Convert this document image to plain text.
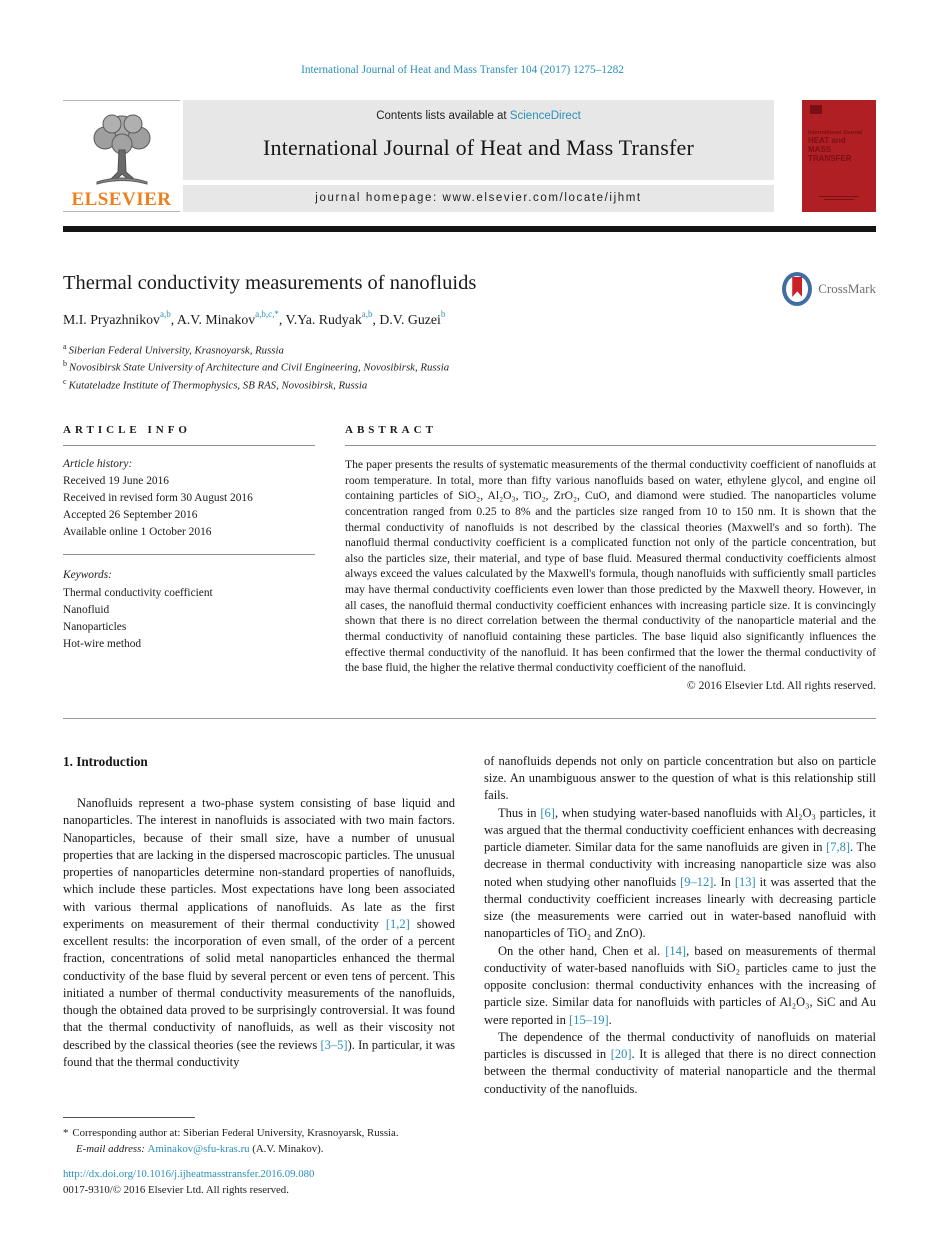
International Journal of Heat and Mass Transfer 104 (2017) 1275–1282
ELSEVIER
Contents lists available at ScienceDirect
International Journal of Heat and Mass Transfer
journal homepage: www.elsevier.com/locate/ijhmt
International Journal
HEAT and MASS
TRANSFER
Thermal conductivity measurements of nanofluids	CrossMark
M.I. Pryazhnikov$^{a,b}$, A.V. Minakov$^{a,b,c,*}$, V.Ya. Rudyak$^{a,b}$, D.V. Guzei$^b$
$^a$ Siberian Federal University, Krasnoyarsk, Russia
$^b$ Novosibirsk State University of Architecture and Civil Engineering, Novosibirsk, Russia
$^c$ Kutateladze Institute of Thermophysics, SB RAS, Novosibirsk, Russia
ARTICLE INFO
Article history:
Received 19 June 2016
Received in revised form 30 August 2016
Accepted 26 September 2016
Available online 1 October 2016
Keywords:
Thermal conductivity coefficient
Nanofluid
Nanoparticles
Hot-wire method
ABSTRACT
The paper presents the results of systematic measurements of the thermal conductivity coefficient of nanofluids at room temperature. In total, more than fifty various nanofluids based on water, ethylene glycol, and engine oil containing particles of SiO₂, Al₂O₃, TiO₂, ZrO₂, CuO, and diamond were studied. The nanoparticles volume concentration ranged from 0.25 to 8% and the particles size ranged from 10 to 150 nm. It is shown that the thermal conductivity of nanofluids is not described by the classical theories (Maxwell's and so forth). The nanofluid thermal conductivity coefficient is a complicated function not only of the particle concentration, but also the particles size, their material, and type of base fluid. Measured thermal conductivity coefficients almost always exceed the values calculated by the Maxwell's formula, though nanofluids with sufficiently small particles may have thermal conductivity coefficients even lower than those predicted by the Maxwell theory. However, in all cases, the nanofluid thermal conductivity coefficient enhances with increasing particle size. It is convincingly shown that there is no direct correlation between the thermal conductivity of the nanoparticle material and the thermal conductivity of nanofluid containing these particles. The base liquid also significantly influences the effective thermal conductivity of the nanofluid. It has been confirmed that the lower the thermal conductivity of the base fluid, the higher the relative thermal conductivity coefficient of the nanofluid.
© 2016 Elsevier Ltd. All rights reserved.
1. Introduction

Nanofluids represent a two-phase system consisting of base liquid and nanoparticles. The interest in nanofluids is associated with two main factors. Nanoparticles, because of their small size, have a number of unusual properties that are lacking in the dispersed macroscopic particles. The unusual properties of nanoparticles determine non-standard properties of nanofluids, which include these particles. Most expectations have long been associated with various thermal applications of nanofluids. As late as the first experiments on measurement of their thermal conductivity [1,2] showed excellent results: the incorporation of even small, of the order of a percent fraction, concentrations of solid metal nanoparticles enhanced the thermal conductivity of the base fluid by several percent or even tens of percent. This initiated a number of thermal conductivity measurements of the nanofluids, though the obtained data proved to be surprisingly controversial. It was found that the thermal conductivity of nanofluids, as well as their viscosity not described by the classical theories (see the reviews [3–5]). In particular, it was found that the thermal conductivity

of nanofluids depends not only on particle concentration but also on particle size. An unambiguous answer to the question of what is this relationship still fails.

Thus in [6], when studying water-based nanofluids with Al₂O₃ particles, it was argued that the thermal conductivity coefficient enhances with decreasing particle diameter. Similar data for the same nanofluids are given in [7,8]. The decrease in thermal conductivity with increasing nanoparticle size was also noted when studying other nanofluids [9–12]. In [13] it was asserted that the thermal conductivity coefficient increases linearly with decreasing particle size (the measurements were carried out in water-based nanofluid with nanoparticles of TiO₂ and ZnO).

On the other hand, Chen et al. [14], based on measurements of thermal conductivity of water-based nanofluids with SiO₂ particles came to just the opposite conclusion: thermal conductivity enhances with the increasing of particle size. Similar data for nanofluids with particles of Al₂O₃, SiC and Au were reported in [15–19].

The dependence of the thermal conductivity of nanofluids on material particles is discussed in [20]. It is alleged that there is no direct connection between the thermal conductivity of material nanoparticle and the thermal conductivity of the nanofluids.

* Corresponding author at: Siberian Federal University, Krasnoyarsk, Russia.
E-mail address: Aminakov@sfu-kras.ru (A.V. Minakov).
http://dx.doi.org/10.1016/j.ijheatmasstransfer.2016.09.080
0017-9310/© 2016 Elsevier Ltd. All rights reserved.
